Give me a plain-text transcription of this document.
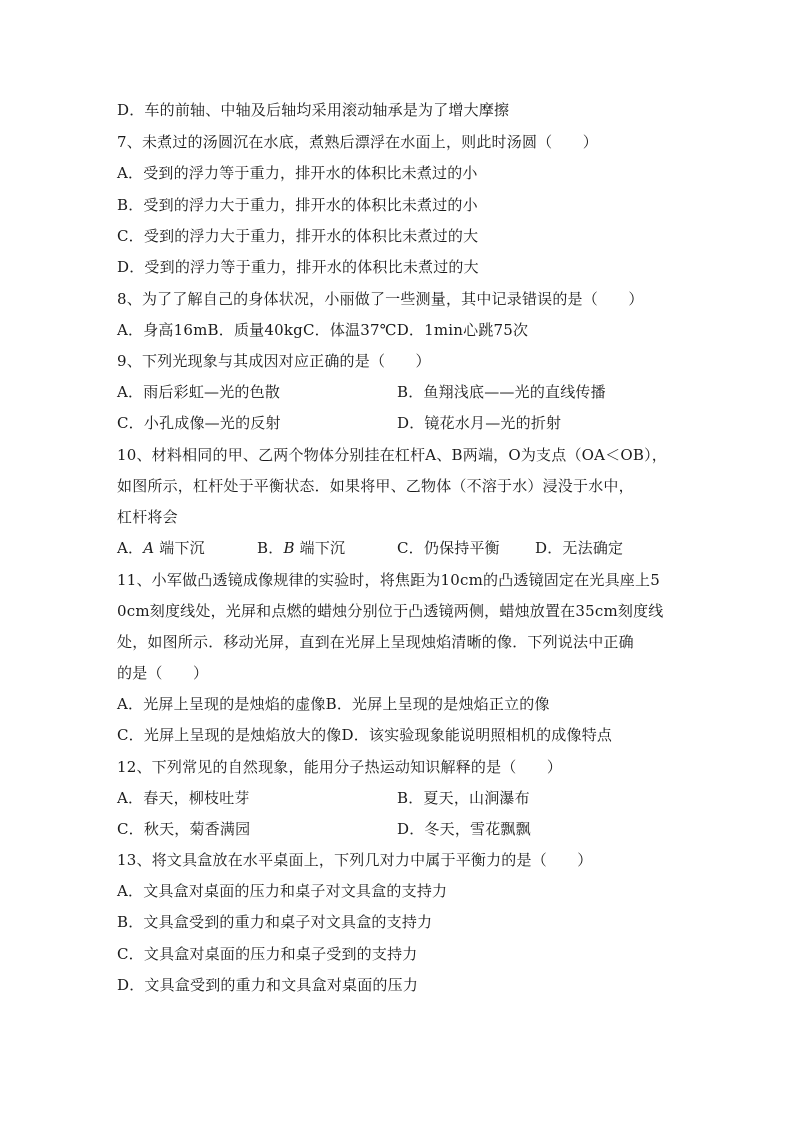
D．车的前轴、中轴及后轴均采用滚动轴承是为了增大摩擦
7、未煮过的汤圆沉在水底，煮熟后漂浮在水面上，则此时汤圆（　　）
A．受到的浮力等于重力，排开水的体积比未煮过的小
B．受到的浮力大于重力，排开水的体积比未煮过的小
C．受到的浮力大于重力，排开水的体积比未煮过的大
D．受到的浮力等于重力，排开水的体积比未煮过的大
8、为了了解自己的身体状况，小丽做了一些测量，其中记录错误的是（　　）
A．身高16mB．质量40kgC．体温37℃D．1min心跳75次
9、下列光现象与其成因对应正确的是（　　）
A．雨后彩虹—光的色散	B．鱼翔浅底——光的直线传播
C．小孔成像—光的反射	D．镜花水月—光的折射
10、材料相同的甲、乙两个物体分别挂在杠杆A、B两端，O为支点（OA＜OB），
如图所示，杠杆处于平衡状态．如果将甲、乙物体（不溶于水）浸没于水中，
杠杆将会
A．A 端下沉	B．B 端下沉	C．仍保持平衡 D．无法确定
11、小军做凸透镜成像规律的实验时，将焦距为10cm的凸透镜固定在光具座上5
0cm刻度线处，光屏和点燃的蜡烛分别位于凸透镜两侧，蜡烛放置在35cm刻度线
处，如图所示．移动光屏，直到在光屏上呈现烛焰清晰的像．下列说法中正确
的是（　　）
A．光屏上呈现的是烛焰的虚像B．光屏上呈现的是烛焰正立的像
C．光屏上呈现的是烛焰放大的像D．该实验现象能说明照相机的成像特点
12、下列常见的自然现象，能用分子热运动知识解释的是（　　）
A．春天，柳枝吐芽	B．夏天，山涧瀑布
C．秋天，菊香满园	D．冬天，雪花飘飘
13、将文具盒放在水平桌面上，下列几对力中属于平衡力的是（　　）
A．文具盒对桌面的压力和桌子对文具盒的支持力
B．文具盒受到的重力和桌子对文具盒的支持力
C．文具盒对桌面的压力和桌子受到的支持力
D．文具盒受到的重力和文具盒对桌面的压力
